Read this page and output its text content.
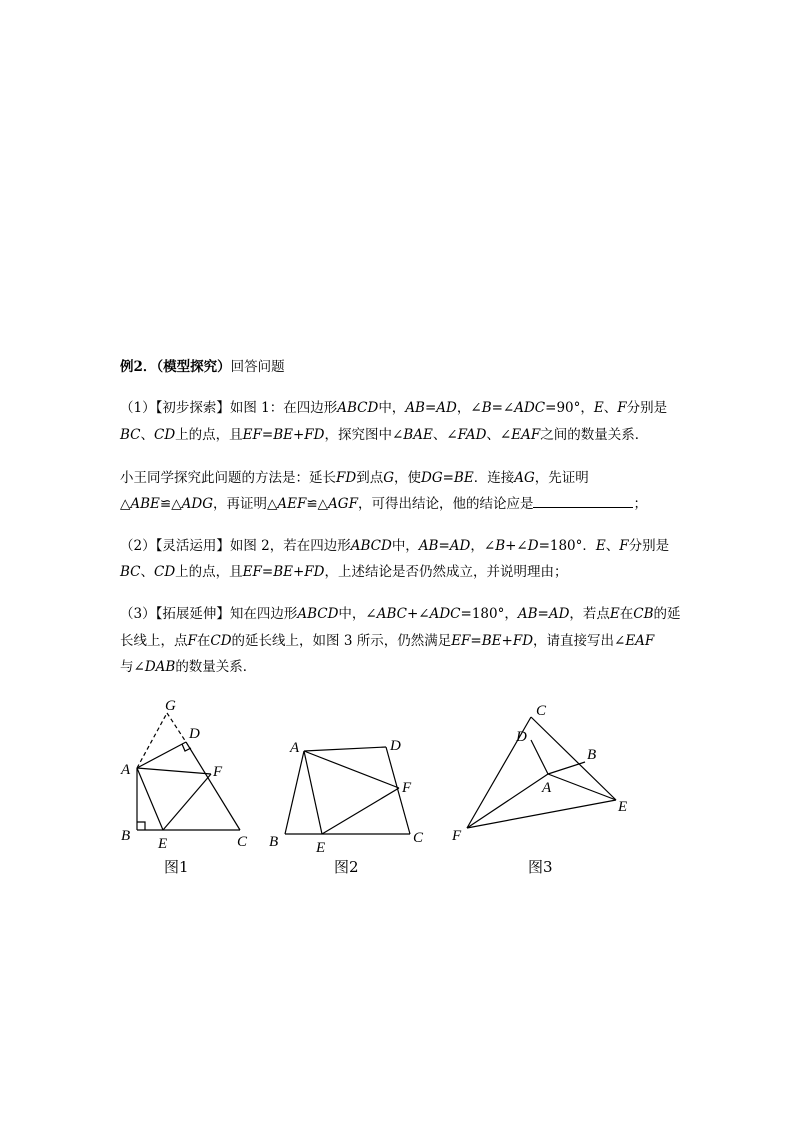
例2．（模型探究）回答问题
（1）【初步探索】如图 1：在四边形ABCD中，AB=AD，∠B=∠ADC=90°，E、F分别是
BC、CD上的点，且EF=BE+FD，探究图中∠BAE、∠FAD、∠EAF之间的数量关系．
小王同学探究此问题的方法是：延长FD到点G，使DG=BE．连接AG，先证明
△ABE≌△ADG，再证明△AEF≌△AGF，可得出结论，他的结论应是	；
（2）【灵活运用】如图 2，若在四边形ABCD中，AB=AD，∠B+∠D=180°．E、F分别是
BC、CD上的点，且EF=BE+FD，上述结论是否仍然成立，并说明理由；
（3）【拓展延伸】知在四边形ABCD中，∠ABC+∠ADC=180°，AB=AD，若点E在CB的延
长线上，点F在CD的延长线上，如图 3 所示，仍然满足EF=BE+FD，请直接写出∠EAF
与∠DAB的数量关系．
G
D
A	F
B E	C
A	D
F
B	E
C
C
D
B
A
E
F
图1	图2	图3
